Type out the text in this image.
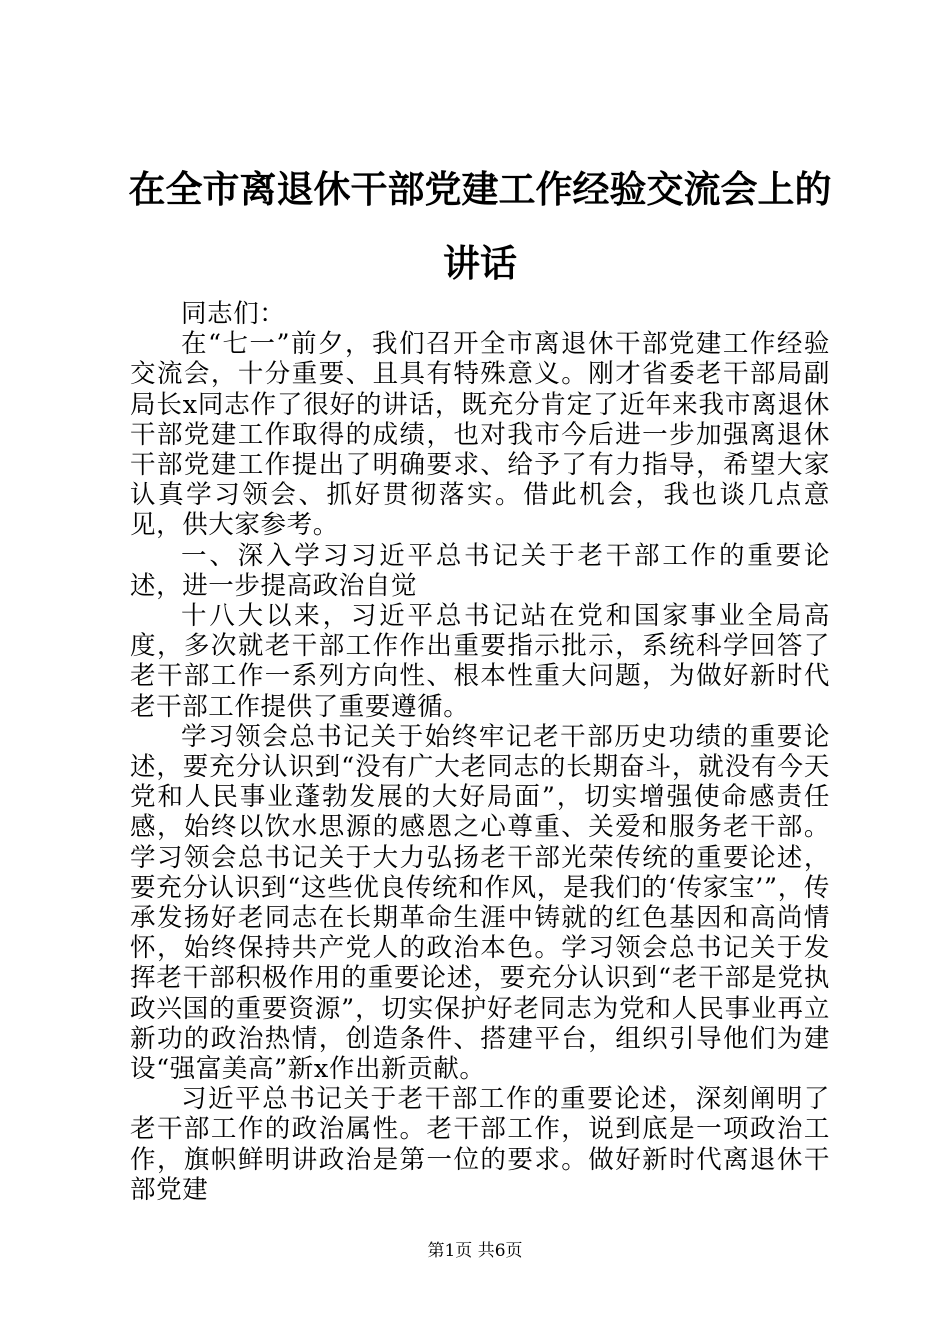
在全市离退休干部党建工作经验交流会上的讲话

同志们：

在“七一”前夕，我们召开全市离退休干部党建工作经验交流会，十分重要、且具有特殊意义。刚才省委老干部局副局长x同志作了很好的讲话，既充分肯定了近年来我市离退休干部党建工作取得的成绩，也对我市今后进一步加强离退休干部党建工作提出了明确要求、给予了有力指导，希望大家认真学习领会、抓好贯彻落实。借此机会，我也谈几点意见，供大家参考。

一、深入学习习近平总书记关于老干部工作的重要论述，进一步提高政治自觉

十八大以来，习近平总书记站在党和国家事业全局高度，多次就老干部工作作出重要指示批示，系统科学回答了老干部工作一系列方向性、根本性重大问题，为做好新时代老干部工作提供了重要遵循。

学习领会总书记关于始终牢记老干部历史功绩的重要论述，要充分认识到“没有广大老同志的长期奋斗，就没有今天党和人民事业蓬勃发展的大好局面”，切实增强使命感责任感，始终以饮水思源的感恩之心尊重、关爱和服务老干部。学习领会总书记关于大力弘扬老干部光荣传统的重要论述，要充分认识到“这些优良传统和作风，是我们的‘传家宝’”，传承发扬好老同志在长期革命生涯中铸就的红色基因和高尚情怀，始终保持共产党人的政治本色。学习领会总书记关于发挥老干部积极作用的重要论述，要充分认识到“老干部是党执政兴国的重要资源”，切实保护好老同志为党和人民事业再立新功的政治热情，创造条件、搭建平台，组织引导他们为建设“强富美高”新x作出新贡献。

习近平总书记关于老干部工作的重要论述，深刻阐明了老干部工作的政治属性。老干部工作，说到底是一项政治工作，旗帜鲜明讲政治是第一位的要求。做好新时代离退休干部党建

第1页 共6页
